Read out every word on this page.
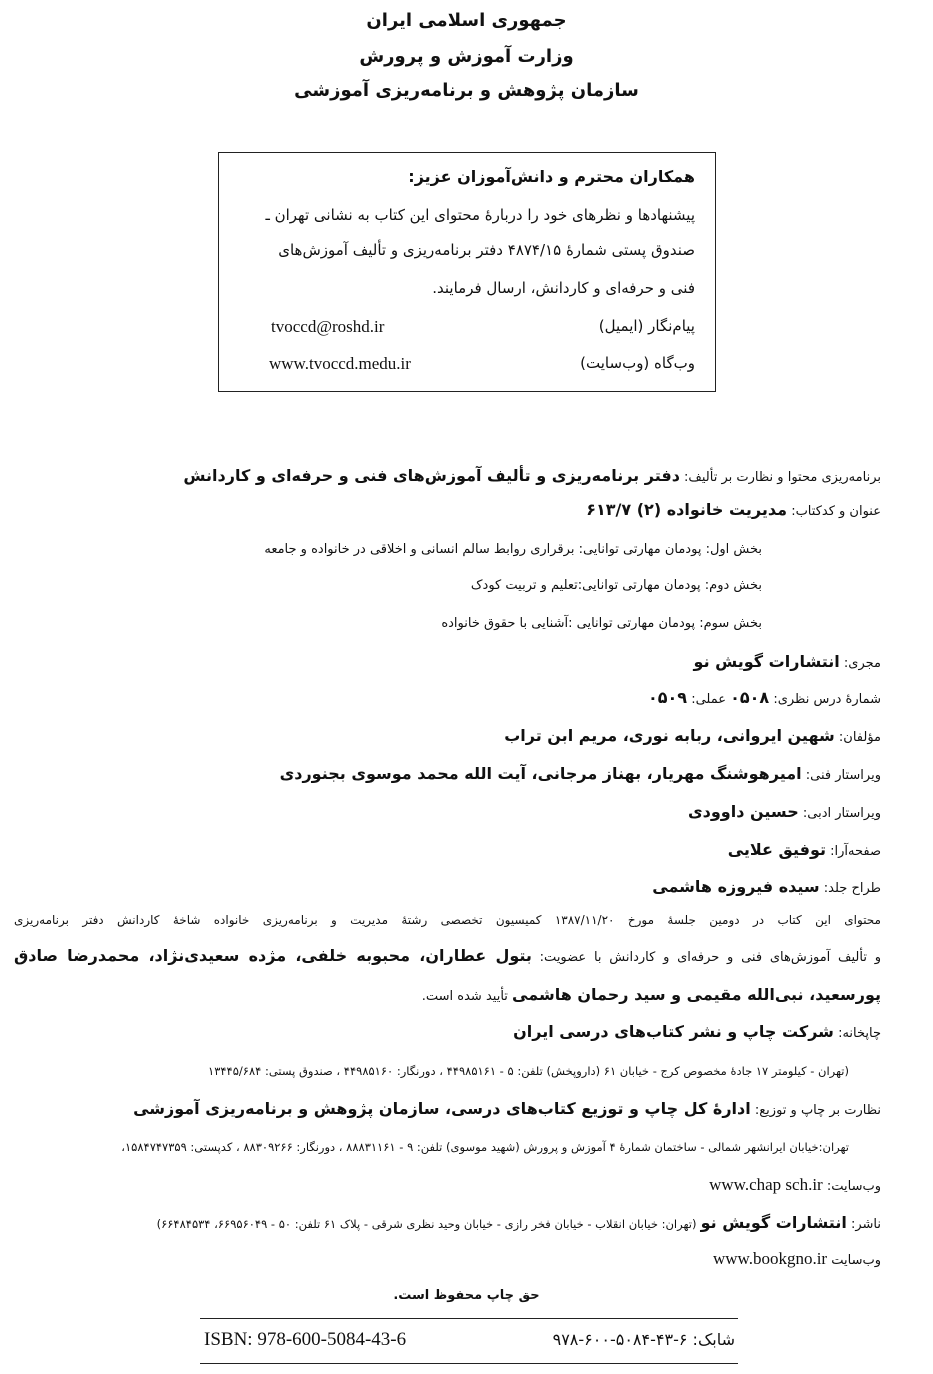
جمهوری اسلامی ایران
وزارت آموزش و پرورش
سازمان پژوهش و برنامه‌ریزی آموزشی
همکاران محترم و دانش‌آموزان عزیز:
پیشنهادها و نظرهای خود را دربارهٔ محتوای این کتاب به نشانی تهران ـ
صندوق پستی شمارهٔ ۴۸۷۴/۱۵ دفتر برنامه‌ریزی و تألیف آموزش‌های
فنی و حرفه‌ای و کاردانش، ارسال فرمایند.
پیام‌نگار (ایمیل)
tvoccd@roshd.ir
وب‌گاه (وب‌سایت)
www.tvoccd.medu.ir
برنامه‌ریزی محتوا و نظارت بر تألیف: دفتر برنامه‌ریزی و تألیف آموزش‌های فنی و حرفه‌ای و کاردانش
عنوان و کدکتاب: مدیریت خانواده (۲) ۶۱۳/۷
بخش اول: پودمان مهارتی توانایی: برقراری روابط سالم انسانی و اخلاقی در خانواده و جامعه
بخش دوم: پودمان مهارتی توانایی:تعلیم و تربیت کودک
بخش سوم: پودمان مهارتی توانایی :آشنایی با حقوق خانواده
مجری: انتشارات گویش نو
شمارهٔ درس نظری: ۰۵۰۸ عملی: ۰۵۰۹
مؤلفان: شهین ایروانی، ربابه نوری، مریم ابن تراب
ویراستار فنی: امیرهوشنگ مهریار، بهناز مرجانی، آیت الله محمد موسوی بجنوردی
ویراستار ادبی: حسین داوودی
صفحه‌آرا: توفیق علایی
طراح جلد: سیده فیروزه هاشمی
محتوای این کتاب در دومین جلسهٔ مورخ ۱۳۸۷/۱۱/۲۰ کمیسیون تخصصی رشتهٔ مدیریت و برنامه‌ریزی خانواده شاخهٔ کاردانش دفتر برنامه‌ریزی
و تألیف آموزش‌های فنی و حرفه‌ای و کاردانش با عضویت: بتول عطاران، محبوبه خلفی، مژده سعیدی‌نژاد، محمدرضا صادق
پورسعید، نبی‌الله مقیمی و سید رحمان هاشمی تأیید شده است.
چاپخانه: شرکت چاپ و نشر کتاب‌های درسی ایران
(تهران - کیلومتر ۱۷ جادهٔ مخصوص کرج - خیابان ۶۱ (داروپخش) تلفن: ۵ - ۴۴۹۸۵۱۶۱ ، دورنگار: ۴۴۹۸۵۱۶۰ ، صندوق پستی: ۱۳۴۴۵/۶۸۴
نظارت بر چاپ و توزیع: ادارهٔ کل چاپ و توزیع کتاب‌های درسی، سازمان پژوهش و برنامه‌ریزی آموزشی
تهران:خیابان ایرانشهر شمالی - ساختمان شمارهٔ ۴ آموزش و پرورش (شهید موسوی) تلفن: ۹ - ۸۸۸۳۱۱۶۱ ، دورنگار: ۸۸۳۰۹۲۶۶ ، کدپستی: ۱۵۸۴۷۴۷۳۵۹،
وب‌سایت: www.chap sch.ir
ناشر: انتشارات گویش نو (تهران: خیابان انقلاب - خیابان فخر رازی - خیابان وحید نظری شرقی - پلاک ۶۱ تلفن: ۵۰ - ۶۶۹۵۶۰۴۹، ۶۶۴۸۴۵۳۴)
وب‌سایت www.bookgno.ir
حق چاپ محفوظ است.
ISBN: 978-600-5084-43-6	شابک: ۶-۴۳-۵۰۸۴-۶۰۰-۹۷۸
